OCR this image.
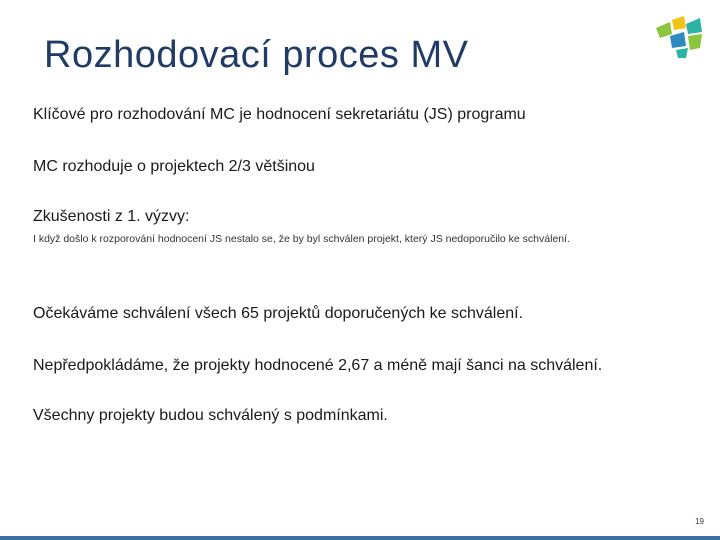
Rozhodovací proces MV
Klíčové pro rozhodování MC je hodnocení sekretariátu (JS) programu
MC rozhoduje o projektech 2/3 většinou
Zkušenosti z 1. výzvy:
I když došlo k rozporování hodnocení JS nestalo se, že by byl schválen projekt, který JS nedoporučilo ke schválení.
Očekáváme schválení všech 65 projektů doporučených ke schválení.
Nepředpokládáme, že projekty hodnocené 2,67 a méně mají šanci na schválení.
Všechny projekty budou schválený s podmínkami.
19
